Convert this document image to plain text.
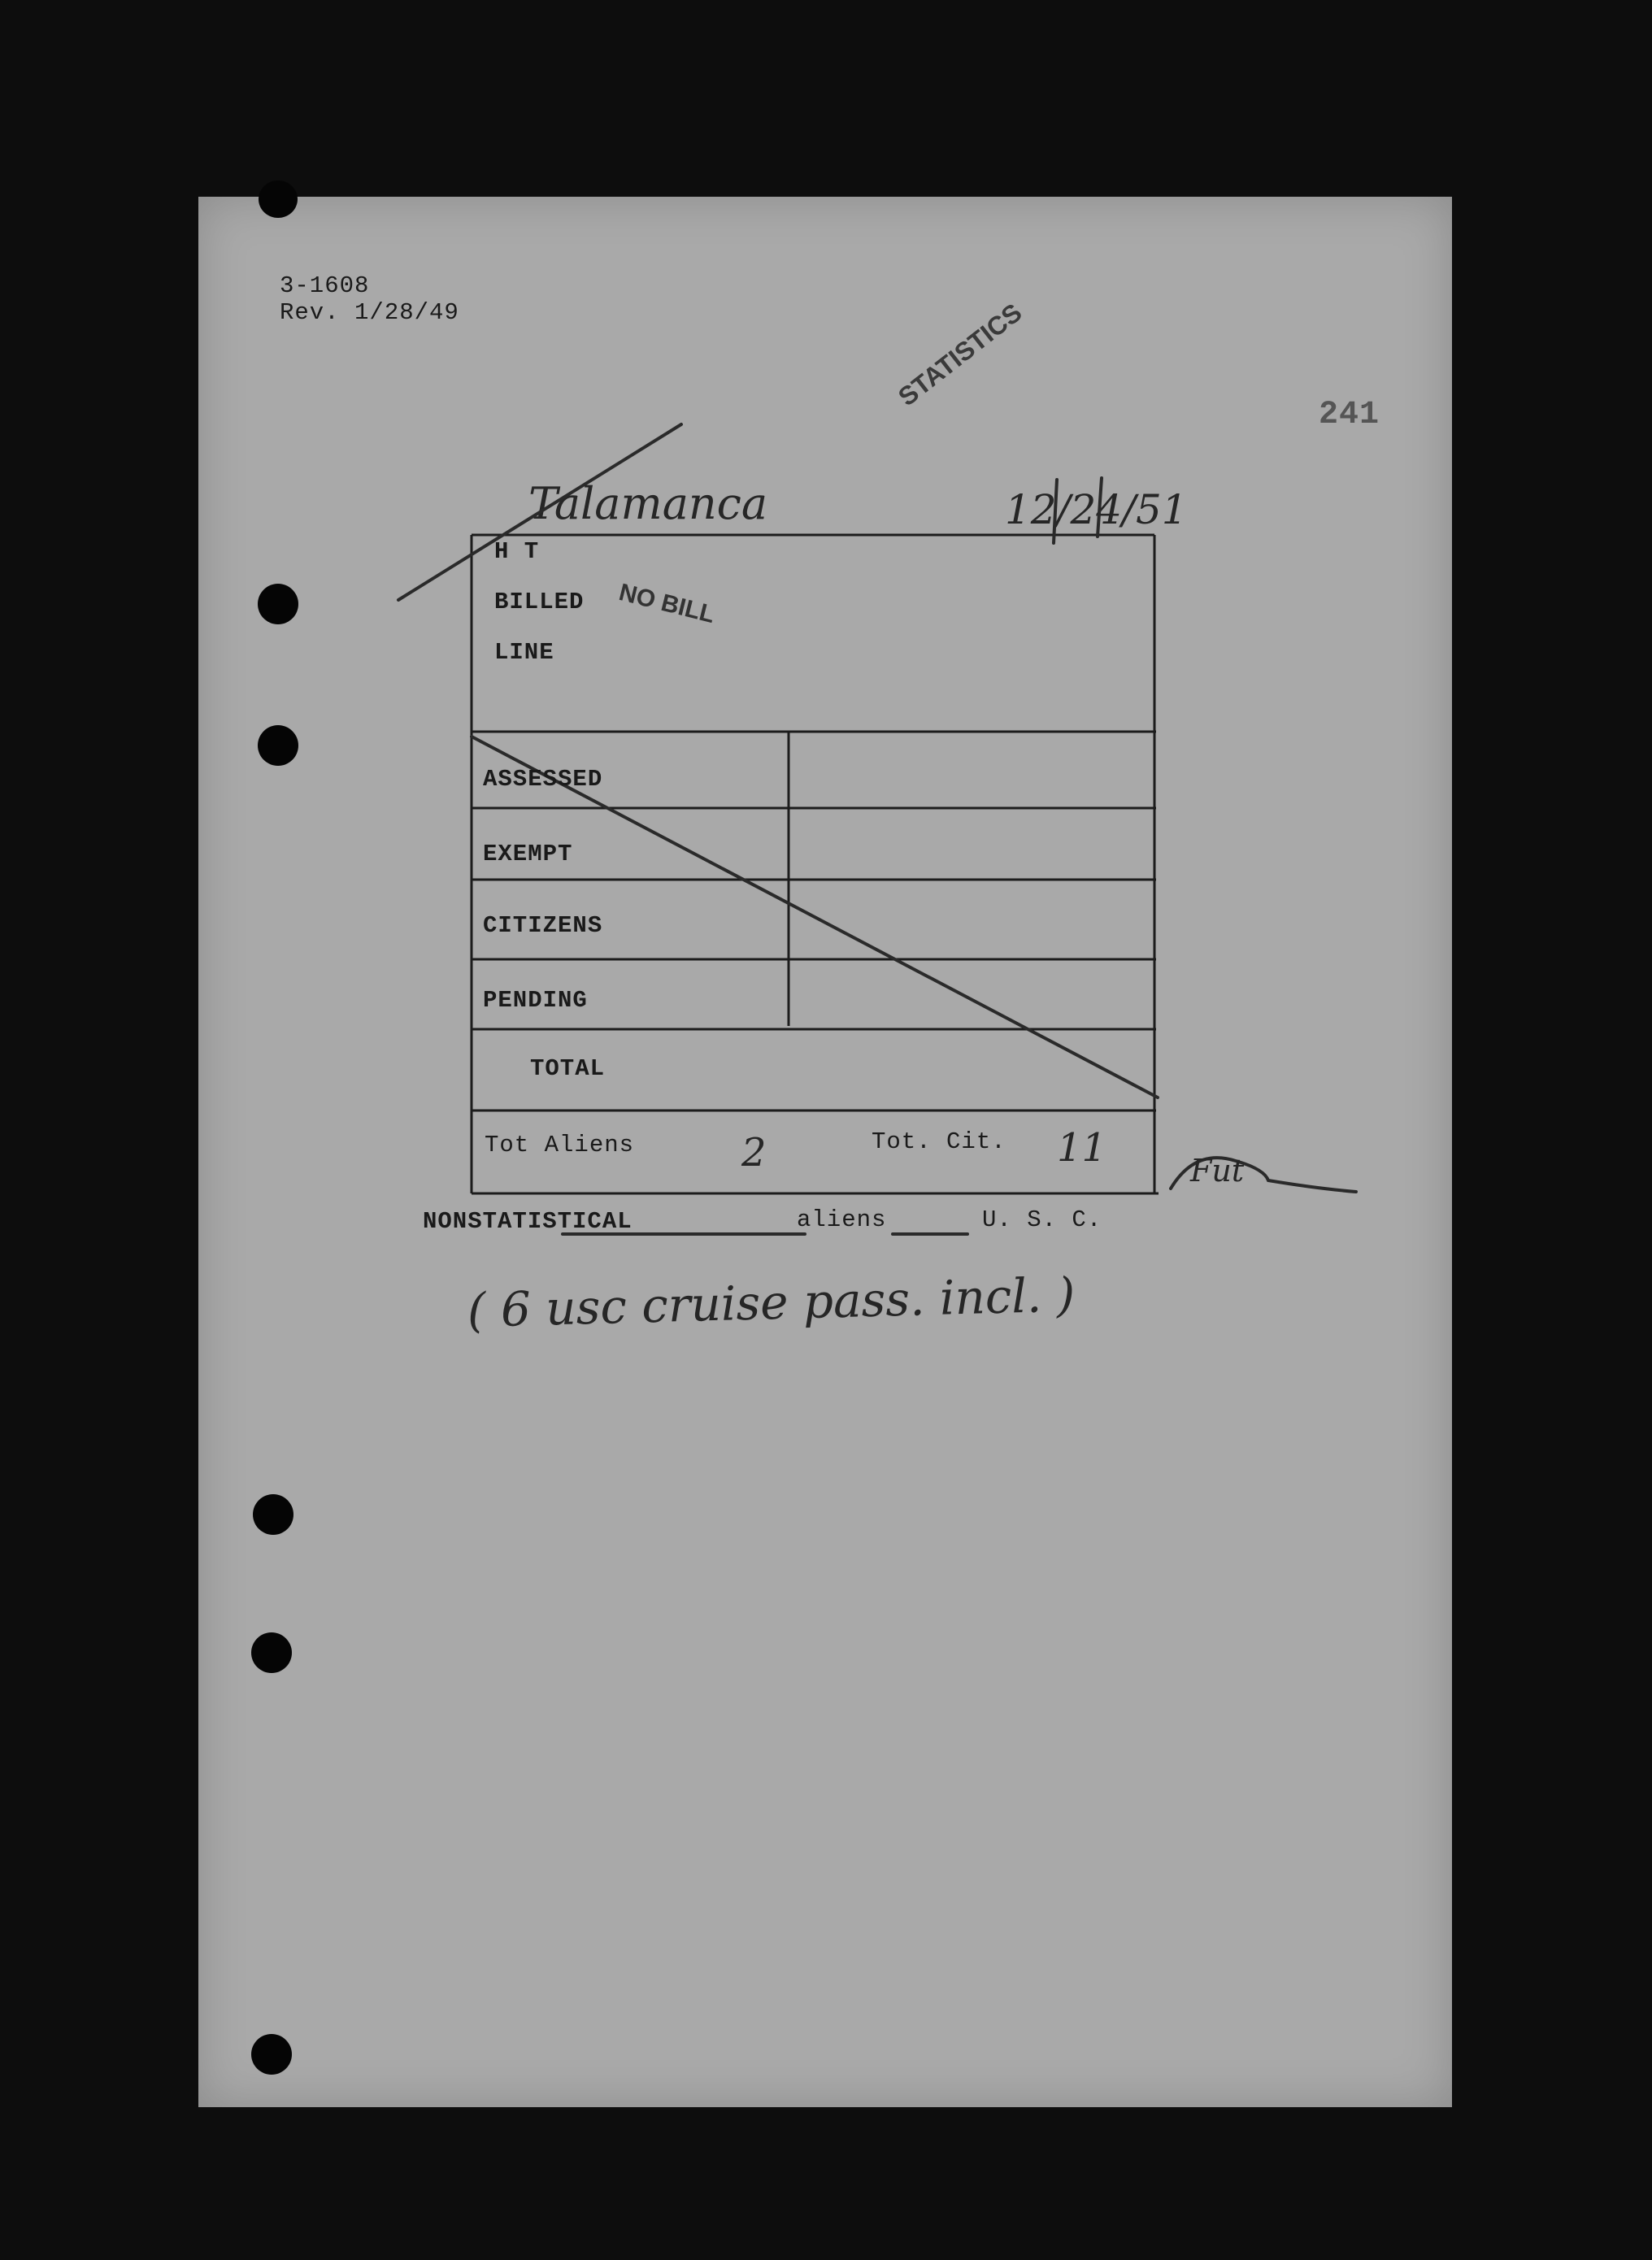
3-1608
Rev. 1/28/49
241
STATISTICS
Talamanca	12/24/51
H T
BILLED
LINE
NO BILL
ASSESSED
EXEMPT
CITIZENS
PENDING
TOTAL
Tot Aliens	2	Tot. Cit. 11	Fut
NONSTATISTICAL	aliens	U. S. C.
( 6 usc cruise pass. incl. )
